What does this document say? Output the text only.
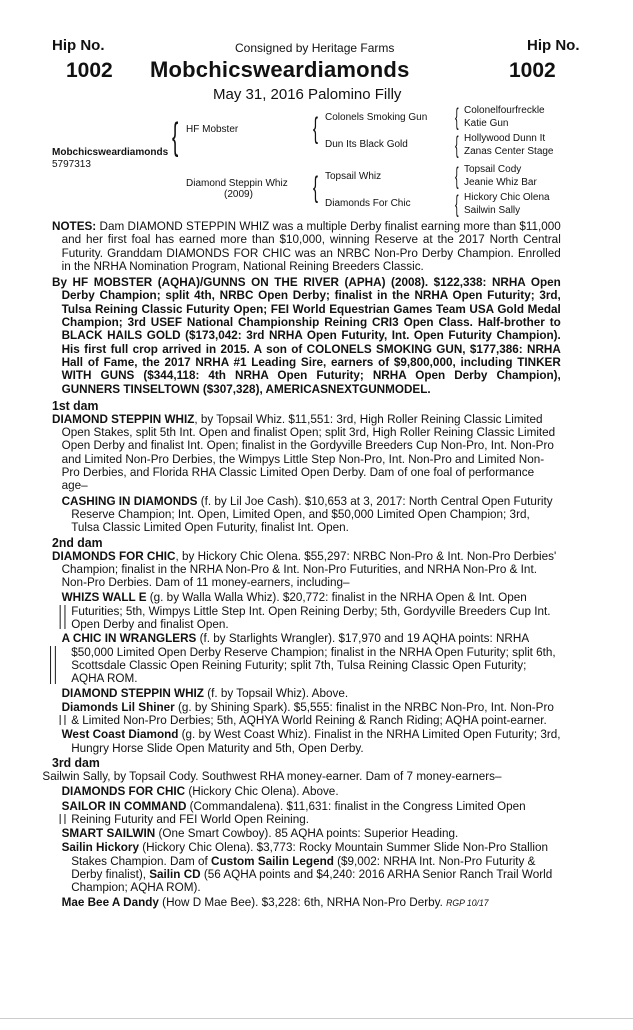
Hip No.	Hip No.
Consigned by Heritage Farms
1002	1002
Mobchicsweardiamonds
May 31, 2016 Palomino Filly
Mobchicsweardiamonds
5797313
{ HF Mobster
Diamond Steppin Whiz
(2009)
{ Colonels Smoking Gun
Dun Its Black Gold
{ Topsail Whiz
Diamonds For Chic
{ Colonelfourfreckle
Katie Gun
{ Hollywood Dunn It
Zanas Center Stage
{ Topsail Cody
Jeanie Whiz Bar
{ Hickory Chic Olena
Sailwin Sally

NOTES: Dam DIAMOND STEPPIN WHIZ was a multiple Derby finalist earning more than $11,000 and her first foal has earned more than $10,000, winning Reserve at the 2017 North Central Futurity. Granddam DIAMONDS FOR CHIC was an NRBC Non-Pro Derby Champion. Enrolled in the NRHA Nomination Program, National Reining Breeders Classic.

By HF MOBSTER (AQHA)/GUNNS ON THE RIVER (APHA) (2008). $122,338: NRHA Open Derby Champion; split 4th, NRBC Open Derby; finalist in the NRHA Open Futurity; 3rd, Tulsa Reining Classic Futurity Open; FEI World Equestrian Games Team USA Gold Medal Champion; 3rd USEF National Championship Reining CRI3 Open Class. Half-brother to BLACK HAILS GOLD ($173,042: 3rd NRHA Open Futurity, Int. Open Futurity Champion). His first full crop arrived in 2015. A son of COLONELS SMOKING GUN, $177,386: NRHA Hall of Fame, the 2017 NRHA #1 Leading Sire, earners of $9,800,000, including TINKER WITH GUNS ($344,118: 4th NRHA Open Futurity; NRHA Open Derby Champion), GUNNERS TINSELTOWN ($307,328), AMERICASNEXTGUNMODEL.

1st dam

DIAMOND STEPPIN WHIZ, by Topsail Whiz. $11,551: 3rd, High Roller Reining Classic Limited Open Stakes, split 5th Int. Open and finalist Open; split 3rd, High Roller Reining Classic Limited Open Derby and finalist Int. Open; finalist in the Gordyville Breeders Cup Non-Pro, Int. Non-Pro and Limited Non-Pro Derbies, the Wimpys Little Step Non-Pro, Int. Non-Pro and Limited Non-Pro Derbies, and Florida RHA Classic Limited Open Derby. Dam of one foal of performance age–

CASHING IN DIAMONDS (f. by Lil Joe Cash). $10,653 at 3, 2017: North Central Open Futurity Reserve Champion; Int. Open, Limited Open, and $50,000 Limited Open Champion; 3rd, Tulsa Classic Limited Open Futurity, finalist Int. Open.

2nd dam

DIAMONDS FOR CHIC, by Hickory Chic Olena. $55,297: NRBC Non-Pro & Int. Non-Pro Derbies' Champion; finalist in the NRHA Non-Pro & Int. Non-Pro Futurities, and NRHA Non-Pro & Int. Non-Pro Derbies. Dam of 11 money-earners, including–

WHIZS WALL E (g. by Walla Walla Whiz). $20,772: finalist in the NRHA Open & Int. Open Futurities; 5th, Wimpys Little Step Int. Open Reining Derby; 5th, Gordyville Breeders Cup Int. Open Derby and finalist Open.

A CHIC IN WRANGLERS (f. by Starlights Wrangler). $17,970 and 19 AQHA points: NRHA $50,000 Limited Open Derby Reserve Champion; finalist in the NRHA Open Futurity; split 6th, Scottsdale Classic Open Reining Futurity; split 7th, Tulsa Reining Classic Open Futurity; AQHA ROM.

DIAMOND STEPPIN WHIZ (f. by Topsail Whiz). Above.

Diamonds Lil Shiner (g. by Shining Spark). $5,555: finalist in the NRBC Non-Pro, Int. Non-Pro & Limited Non-Pro Derbies; 5th, AQHYA World Reining & Ranch Riding; AQHA point-earner.

West Coast Diamond (g. by West Coast Whiz). Finalist in the NRHA Limited Open Futurity; 3rd, Hungry Horse Slide Open Maturity and 5th, Open Derby.

3rd dam

Sailwin Sally, by Topsail Cody. Southwest RHA money-earner. Dam of 7 money-earners–

DIAMONDS FOR CHIC (Hickory Chic Olena). Above.

SAILOR IN COMMAND (Commandalena). $11,631: finalist in the Congress Limited Open Reining Futurity and FEI World Open Reining.

SMART SAILWIN (One Smart Cowboy). 85 AQHA points: Superior Heading.

Sailin Hickory (Hickory Chic Olena). $3,773: Rocky Mountain Summer Slide Non-Pro Stallion Stakes Champion. Dam of Custom Sailin Legend ($9,002: NRHA Int. Non-Pro Futurity & Derby finalist), Sailin CD (56 AQHA points and $4,240: 2016 ARHA Senior Ranch Trail World Champion; AQHA ROM).

Mae Bee A Dandy (How D Mae Bee). $3,228: 6th, NRHA Non-Pro Derby. RGP 10/17
